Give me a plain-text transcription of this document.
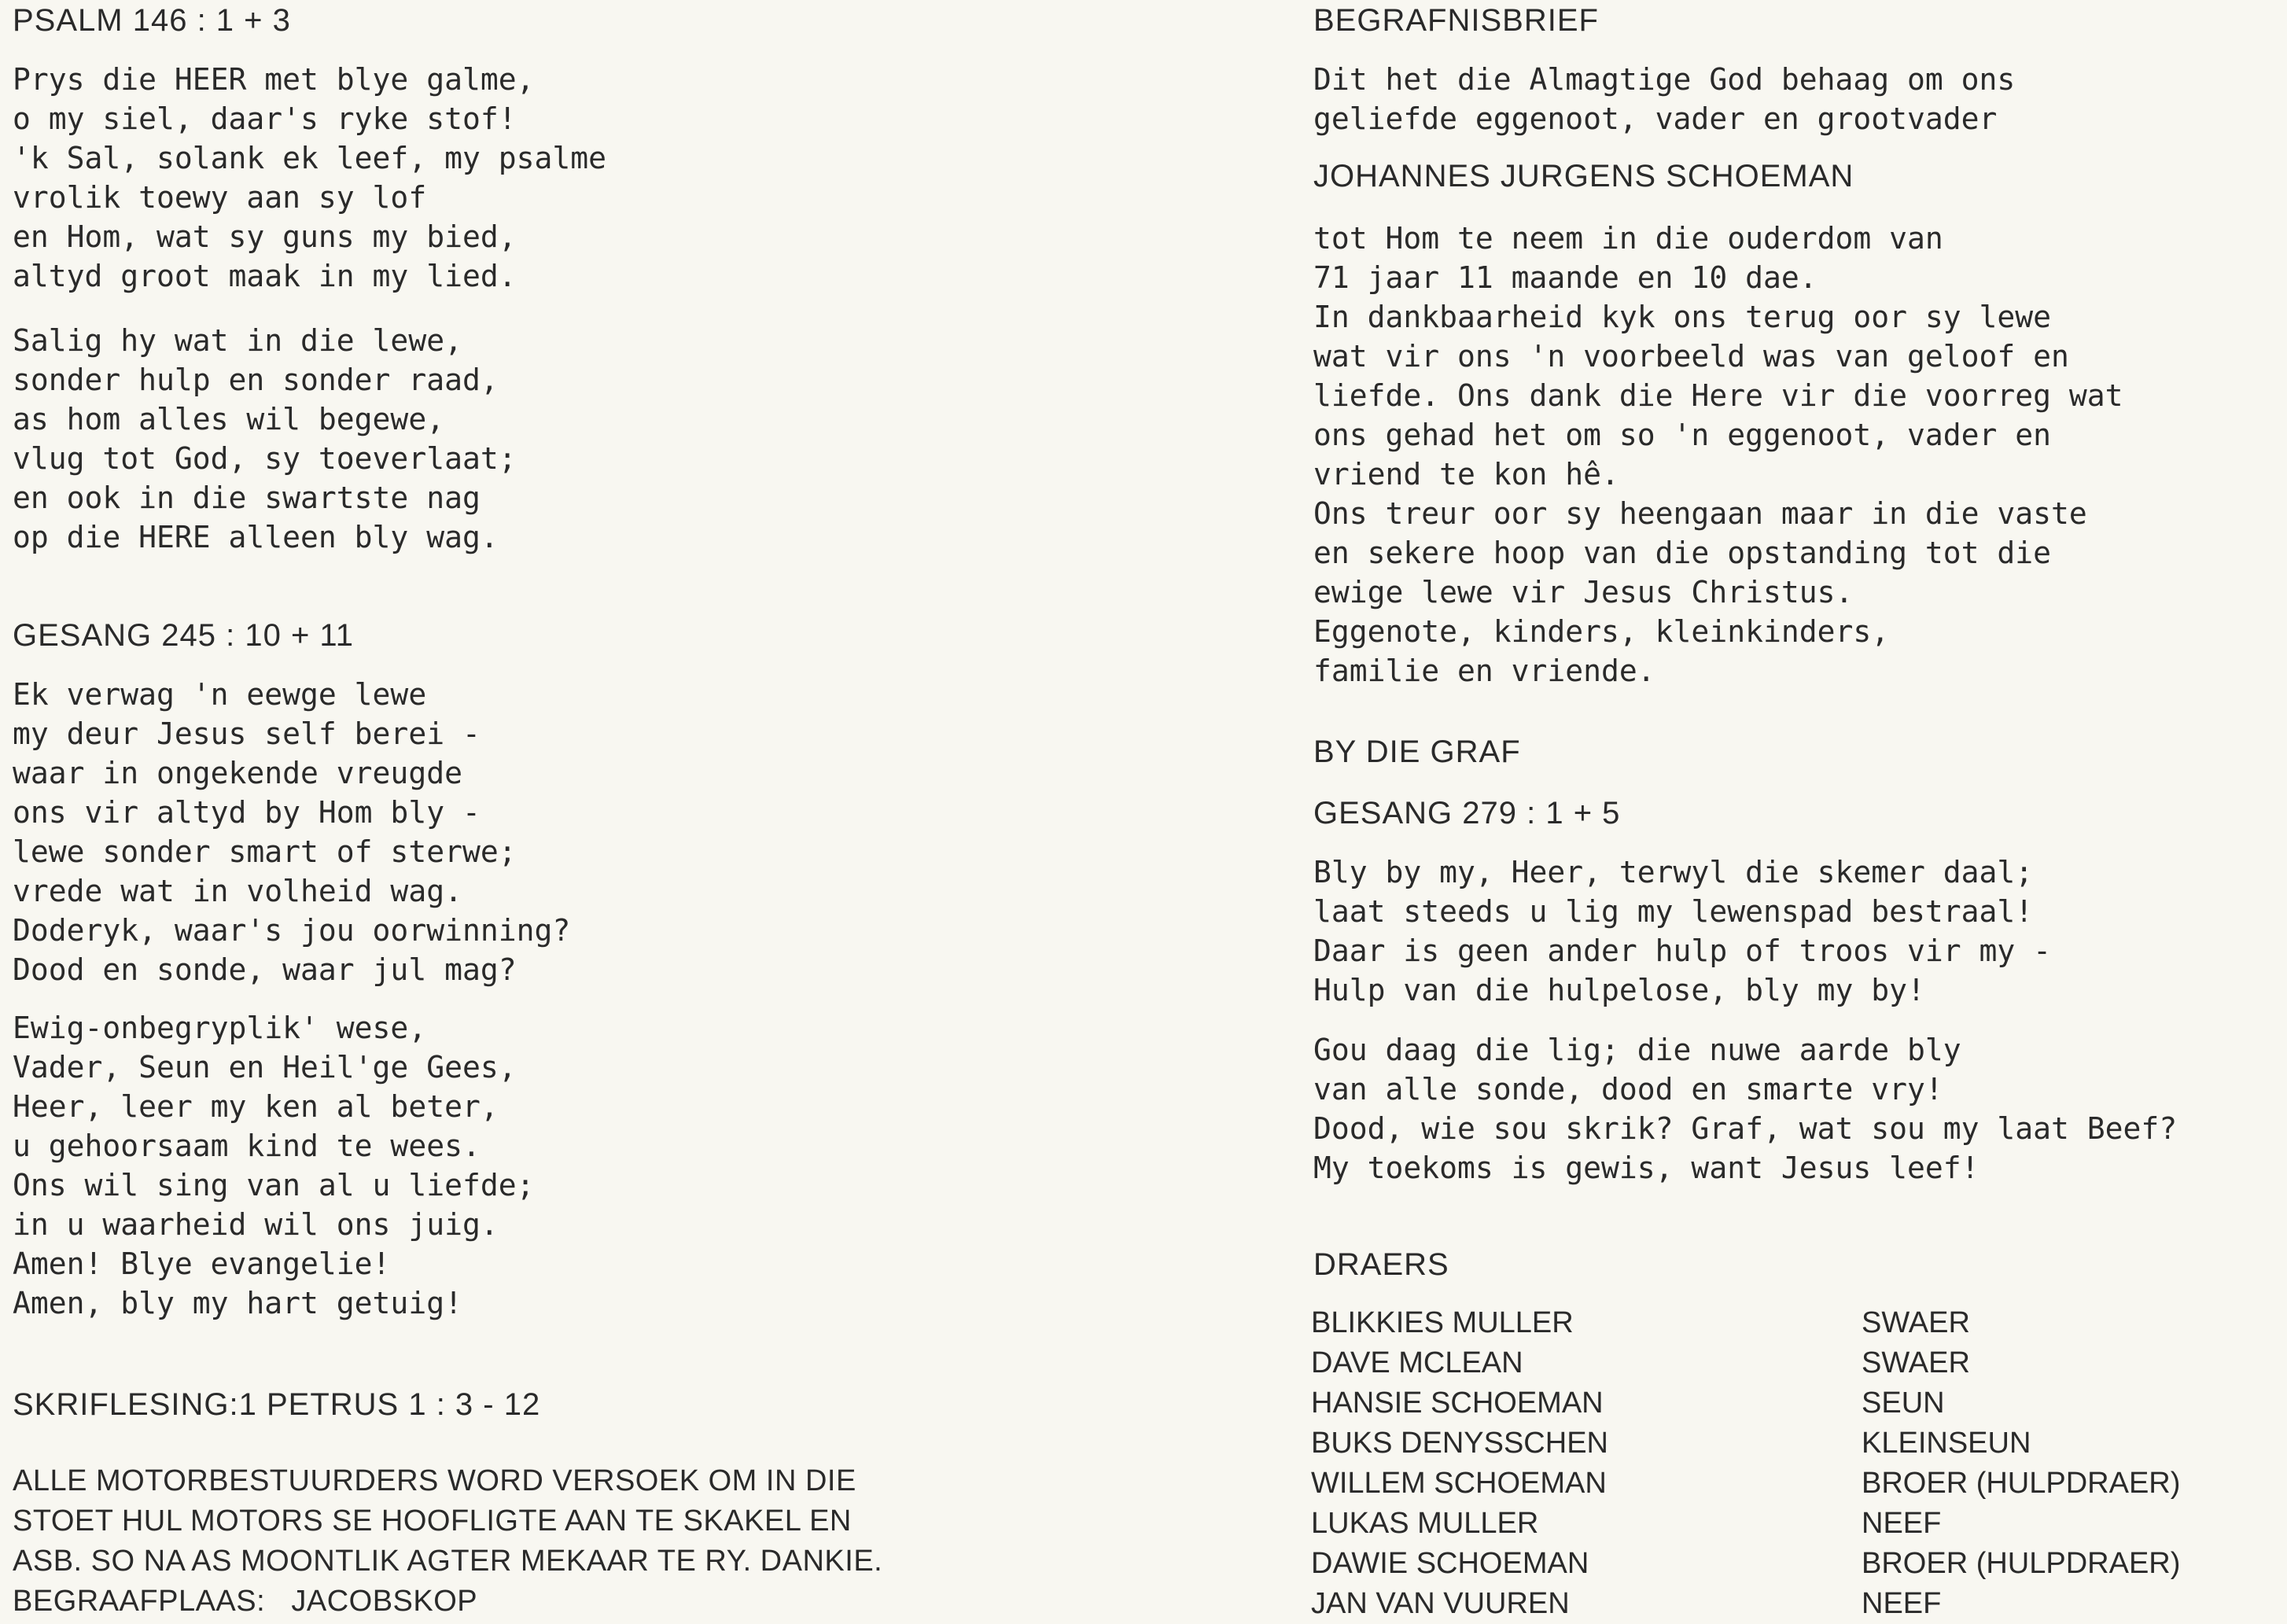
PSALM 146 : 1 + 3
Prys die HEER met blye galme,
o my siel, daar's ryke stof!
'k Sal, solank ek leef, my psalme
vrolik toewy aan sy lof
en Hom, wat sy guns my bied,
altyd groot maak in my lied.
Salig hy wat in die lewe,
sonder hulp en sonder raad,
as hom alles wil begewe,
vlug tot God, sy toeverlaat;
en ook in die swartste nag
op die HERE alleen bly wag.
GESANG 245 : 10 + 11
Ek verwag 'n eewge lewe
my deur Jesus self berei -
waar in ongekende vreugde
ons vir altyd by Hom bly -
lewe sonder smart of sterwe;
vrede wat in volheid wag.
Doderyk, waar's jou oorwinning?
Dood en sonde, waar jul mag?
Ewig-onbegryplik' wese,
Vader, Seun en Heil'ge Gees,
Heer, leer my ken al beter,
u gehoorsaam kind te wees.
Ons wil sing van al u liefde;
in u waarheid wil ons juig.
Amen! Blye evangelie!
Amen, bly my hart getuig!
SKRIFLESING:1 PETRUS 1 : 3 - 12
ALLE MOTORBESTUURDERS WORD VERSOEK OM IN DIE
STOET HUL MOTORS SE HOOFLIGTE AAN TE SKAKEL EN
ASB. SO NA AS MOONTLIK AGTER MEKAAR TE RY. DANKIE.
BEGRAAFPLAAS:   JACOBSKOP
BEGRAFNISBRIEF
Dit het die Almagtige God behaag om ons
geliefde eggenoot, vader en grootvader
JOHANNES JURGENS SCHOEMAN
tot Hom te neem in die ouderdom van
71 jaar 11 maande en 10 dae.
In dankbaarheid kyk ons terug oor sy lewe
wat vir ons 'n voorbeeld was van geloof en
liefde. Ons dank die Here vir die voorreg wat
ons gehad het om so 'n eggenoot, vader en
vriend te kon hê.
Ons treur oor sy heengaan maar in die vaste
en sekere hoop van die opstanding tot die
ewige lewe vir Jesus Christus.
Eggenote, kinders, kleinkinders,
familie en vriende.
BY DIE GRAF
GESANG 279 : 1 + 5
Bly by my, Heer, terwyl die skemer daal;
laat steeds u lig my lewenspad bestraal!
Daar is geen ander hulp of troos vir my -
Hulp van die hulpelose, bly my by!
Gou daag die lig; die nuwe aarde bly
van alle sonde, dood en smarte vry!
Dood, wie sou skrik? Graf, wat sou my laat Beef?
My toekoms is gewis, want Jesus leef!
DRAERS
BLIKKIES MULLER	SWAER
DAVE MCLEAN	SWAER
HANSIE SCHOEMAN	SEUN
BUKS DENYSSCHEN	KLEINSEUN
WILLEM SCHOEMAN	BROER (HULPDRAER)
LUKAS MULLER	NEEF
DAWIE SCHOEMAN	BROER (HULPDRAER)
JAN VAN VUUREN	NEEF
